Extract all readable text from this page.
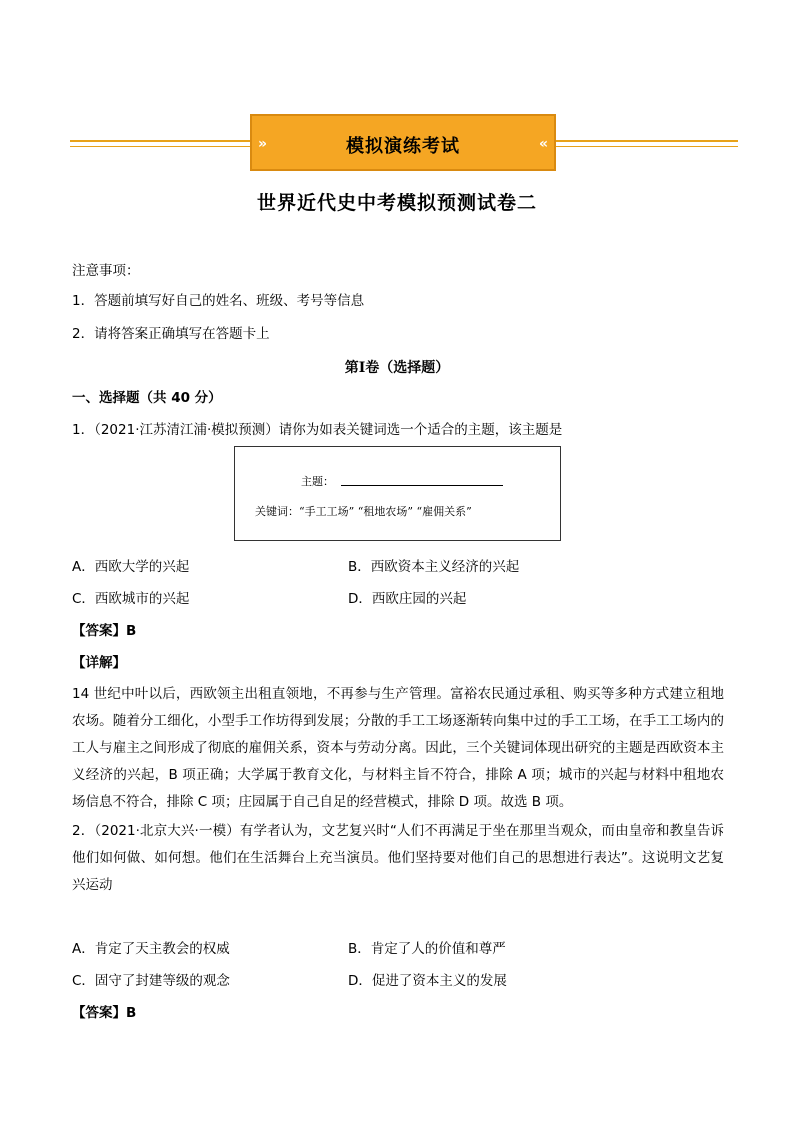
»	模拟演练考试	«
世界近代史中考模拟预测试卷二
注意事项：
1．答题前填写好自己的姓名、班级、考号等信息
2．请将答案正确填写在答题卡上
第I卷（选择题）
一、选择题（共 40 分）
1．（2021·江苏清江浦·模拟预测）请你为如表关键词选一个适合的主题，该主题是
主题：
关键词：“手工工场” “租地农场” “雇佣关系”
A．西欧大学的兴起	B．西欧资本主义经济的兴起
C．西欧城市的兴起	D．西欧庄园的兴起
【答案】B
【详解】
14 世纪中叶以后，西欧领主出租直领地，不再参与生产管理。富裕农民通过承租、购买等多种方式建立租地农场。随着分工细化，小型手工作坊得到发展；分散的手工工场逐渐转向集中过的手工工场，在手工工场内的工人与雇主之间形成了彻底的雇佣关系，资本与劳动分离。因此，三个关键词体现出研究的主题是西欧资本主义经济的兴起，B 项正确；大学属于教育文化，与材料主旨不符合，排除 A 项；城市的兴起与材料中租地农场信息不符合，排除 C 项；庄园属于自己自足的经营模式，排除 D 项。故选 B 项。
2．（2021·北京大兴·一模）有学者认为，文艺复兴时“人们不再满足于坐在那里当观众，而由皇帝和教皇告诉他们如何做、如何想。他们在生活舞台上充当演员。他们坚持要对他们自己的思想进行表达”。这说明文艺复兴运动
A．肯定了天主教会的权威	B．肯定了人的价值和尊严
C．固守了封建等级的观念	D．促进了资本主义的发展
【答案】B
